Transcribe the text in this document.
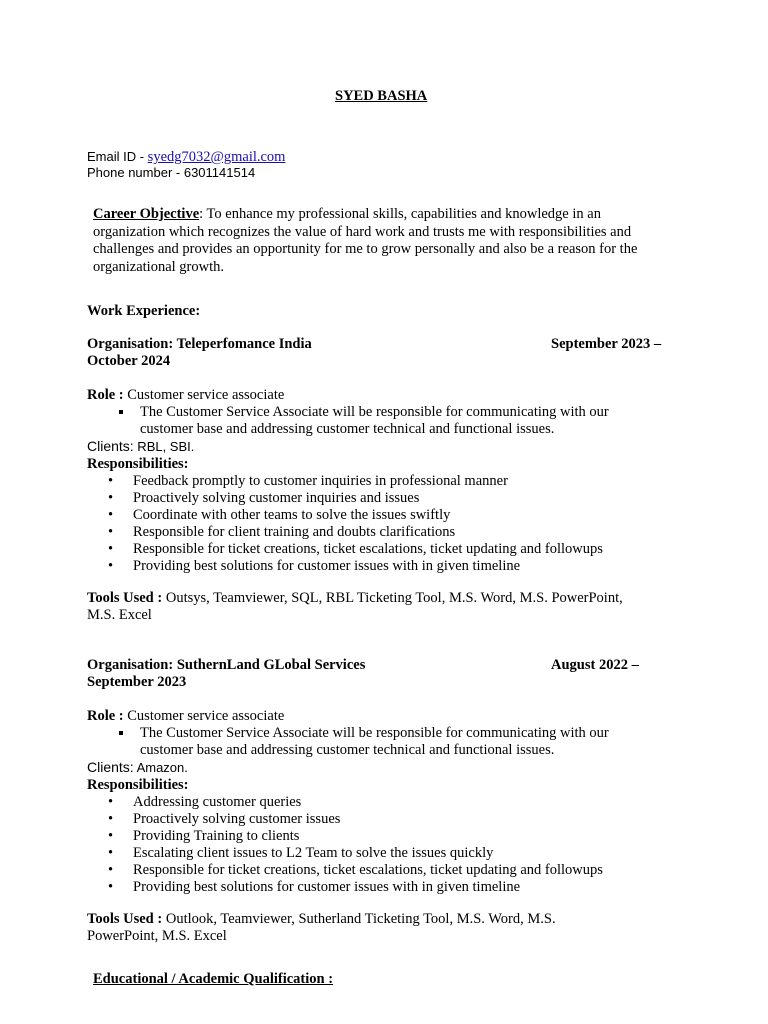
SYED BASHA
Email ID - syedg7032@gmail.com
Phone number - 6301141514
Career Objective: To enhance my professional skills, capabilities and knowledge in an organization which recognizes the value of hard work and trusts me with responsibilities and challenges and provides an opportunity for me to grow personally and also be a reason for the organizational growth.
Work Experience:
Organisation: Teleperfomance India	September 2023 –
October 2024
Role : Customer service associate
The Customer Service Associate will be responsible for communicating with our
customer base and addressing customer technical and functional issues.
Clients: RBL, SBI.
Responsibilities:
• Feedback promptly to customer inquiries in professional manner
• Proactively solving customer inquiries and issues
• Coordinate with other teams to solve the issues swiftly
• Responsible for client training and doubts clarifications
• Responsible for ticket creations, ticket escalations, ticket updating and followups
• Providing best solutions for customer issues with in given timeline
Tools Used : Outsys, Teamviewer, SQL, RBL Ticketing Tool, M.S. Word, M.S. PowerPoint,
M.S. Excel
Organisation: SuthernLand GLobal Services	August 2022 –
September 2023
Role : Customer service associate
The Customer Service Associate will be responsible for communicating with our
customer base and addressing customer technical and functional issues.
Clients: Amazon.
Responsibilities:
• Addressing customer queries
• Proactively solving customer issues
• Providing Training to clients
• Escalating client issues to L2 Team to solve the issues quickly
• Responsible for ticket creations, ticket escalations, ticket updating and followups
• Providing best solutions for customer issues with in given timeline
Tools Used : Outlook, Teamviewer, Sutherland Ticketing Tool, M.S. Word, M.S.
PowerPoint, M.S. Excel
Educational / Academic Qualification :
